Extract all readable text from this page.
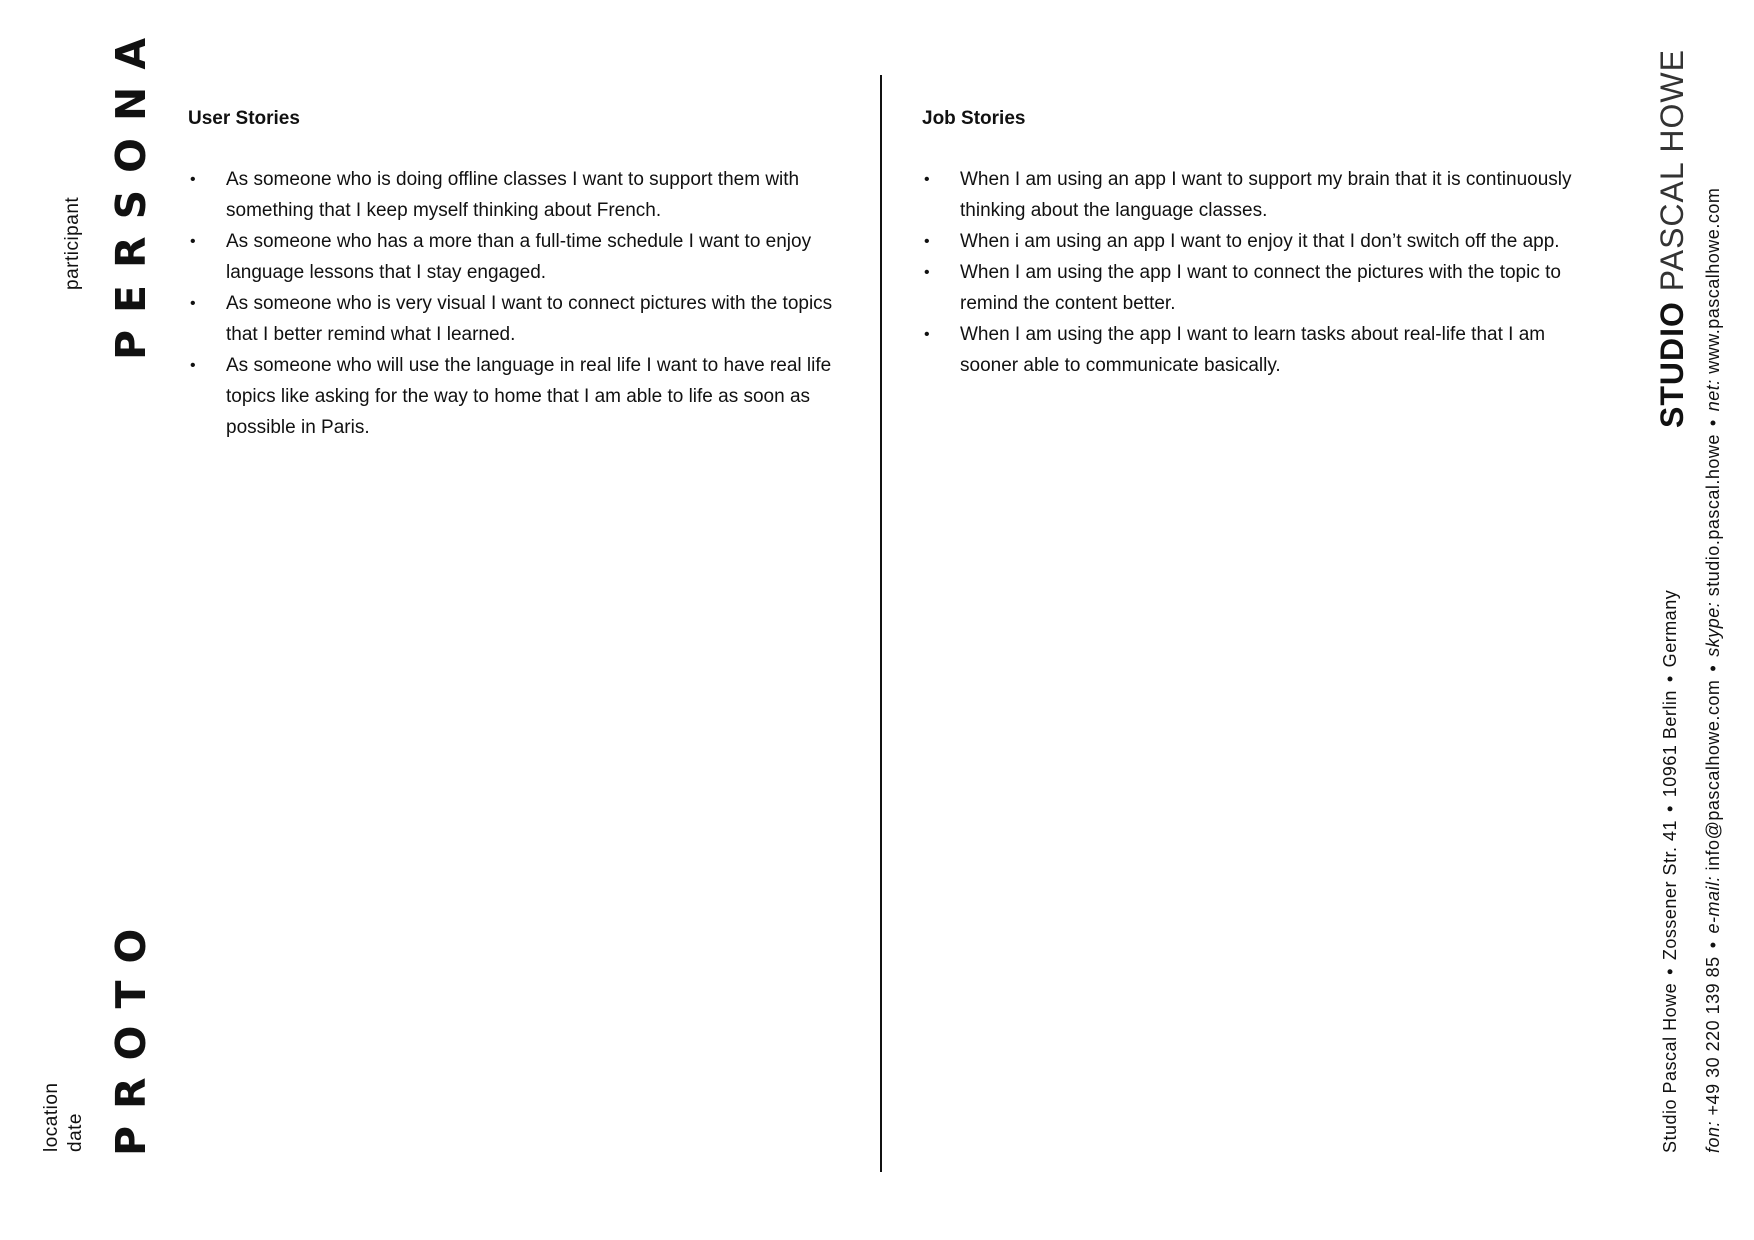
PERSONA
participant
PROTO
location date
User Stories
• As someone who is doing offline classes I want to support them with something that I keep myself thinking about French.
• As someone who has a more than a full-time schedule I want to enjoy language lessons that I stay engaged.
• As someone who is very visual I want to connect pictures with the topics that I better remind what I learned.
• As someone who will use the language in real life I want to have real life topics like asking for the way to home that I am able to life as soon as possible in Paris.
Job Stories
• When I am using an app I want to support my brain that it is continuously thinking about the language classes.
• When i am using an app I want to enjoy it that I don’t switch off the app.
• When I am using the app I want to connect the pictures with the topic to remind the content better.
• When I am using the app I want to learn tasks about real-life that I am sooner able to communicate basically.	STUDIO PASCAL HOWE
Studio Pascal Howe•Zossener Str. 41•10961 Berlin•Germany
fon: +49 30 220 139 85•e-mail: info@pascalhowe.com•skype: studio.pascal.howe•net: www.pascalhowe.com
